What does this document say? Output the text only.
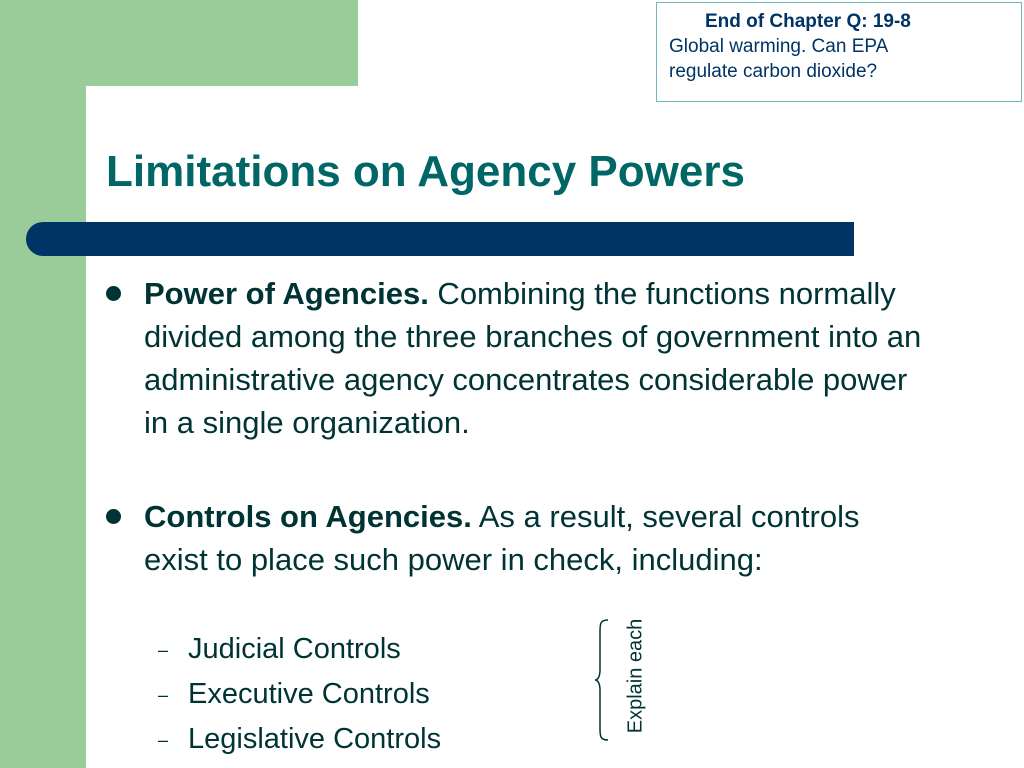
End of Chapter Q: 19-8
Global warming. Can EPA
regulate carbon dioxide?
Limitations on Agency Powers
Power of Agencies. Combining the functions normally divided among the three branches of government into an administrative agency concentrates considerable power in a single organization.
Controls on Agencies. As a result, several controls exist to place such power in check, including:
– Judicial Controls
– Executive Controls
– Legislative Controls
Explain each
